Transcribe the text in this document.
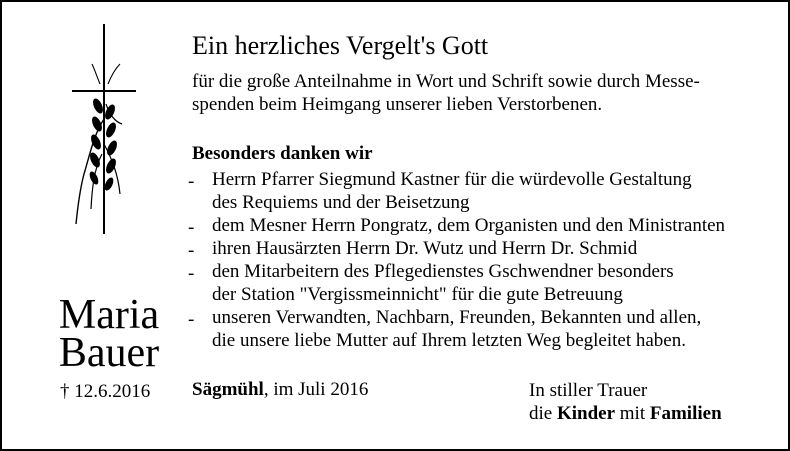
Maria
Bauer
† 12.6.2016
Ein herzliches Vergelt's Gott
für die große Anteilnahme in Wort und Schrift sowie durch Messe-
spenden beim Heimgang unserer lieben Verstorbenen.
Besonders danken wir
- Herrn Pfarrer Siegmund Kastner für die würdevolle Gestaltung
des Requiems und der Beisetzung
- dem Mesner Herrn Pongratz, dem Organisten und den Ministranten
- ihren Hausärzten Herrn Dr. Wutz und Herrn Dr. Schmid
- den Mitarbeitern des Pflegedienstes Gschwendner besonders
der Station "Vergissmeinnicht" für die gute Betreuung
- unseren Verwandten, Nachbarn, Freunden, Bekannten und allen,
die unsere liebe Mutter auf Ihrem letzten Weg begleitet haben.
Sägmühl, im Juli 2016	In stiller Trauer
die Kinder mit Familien
